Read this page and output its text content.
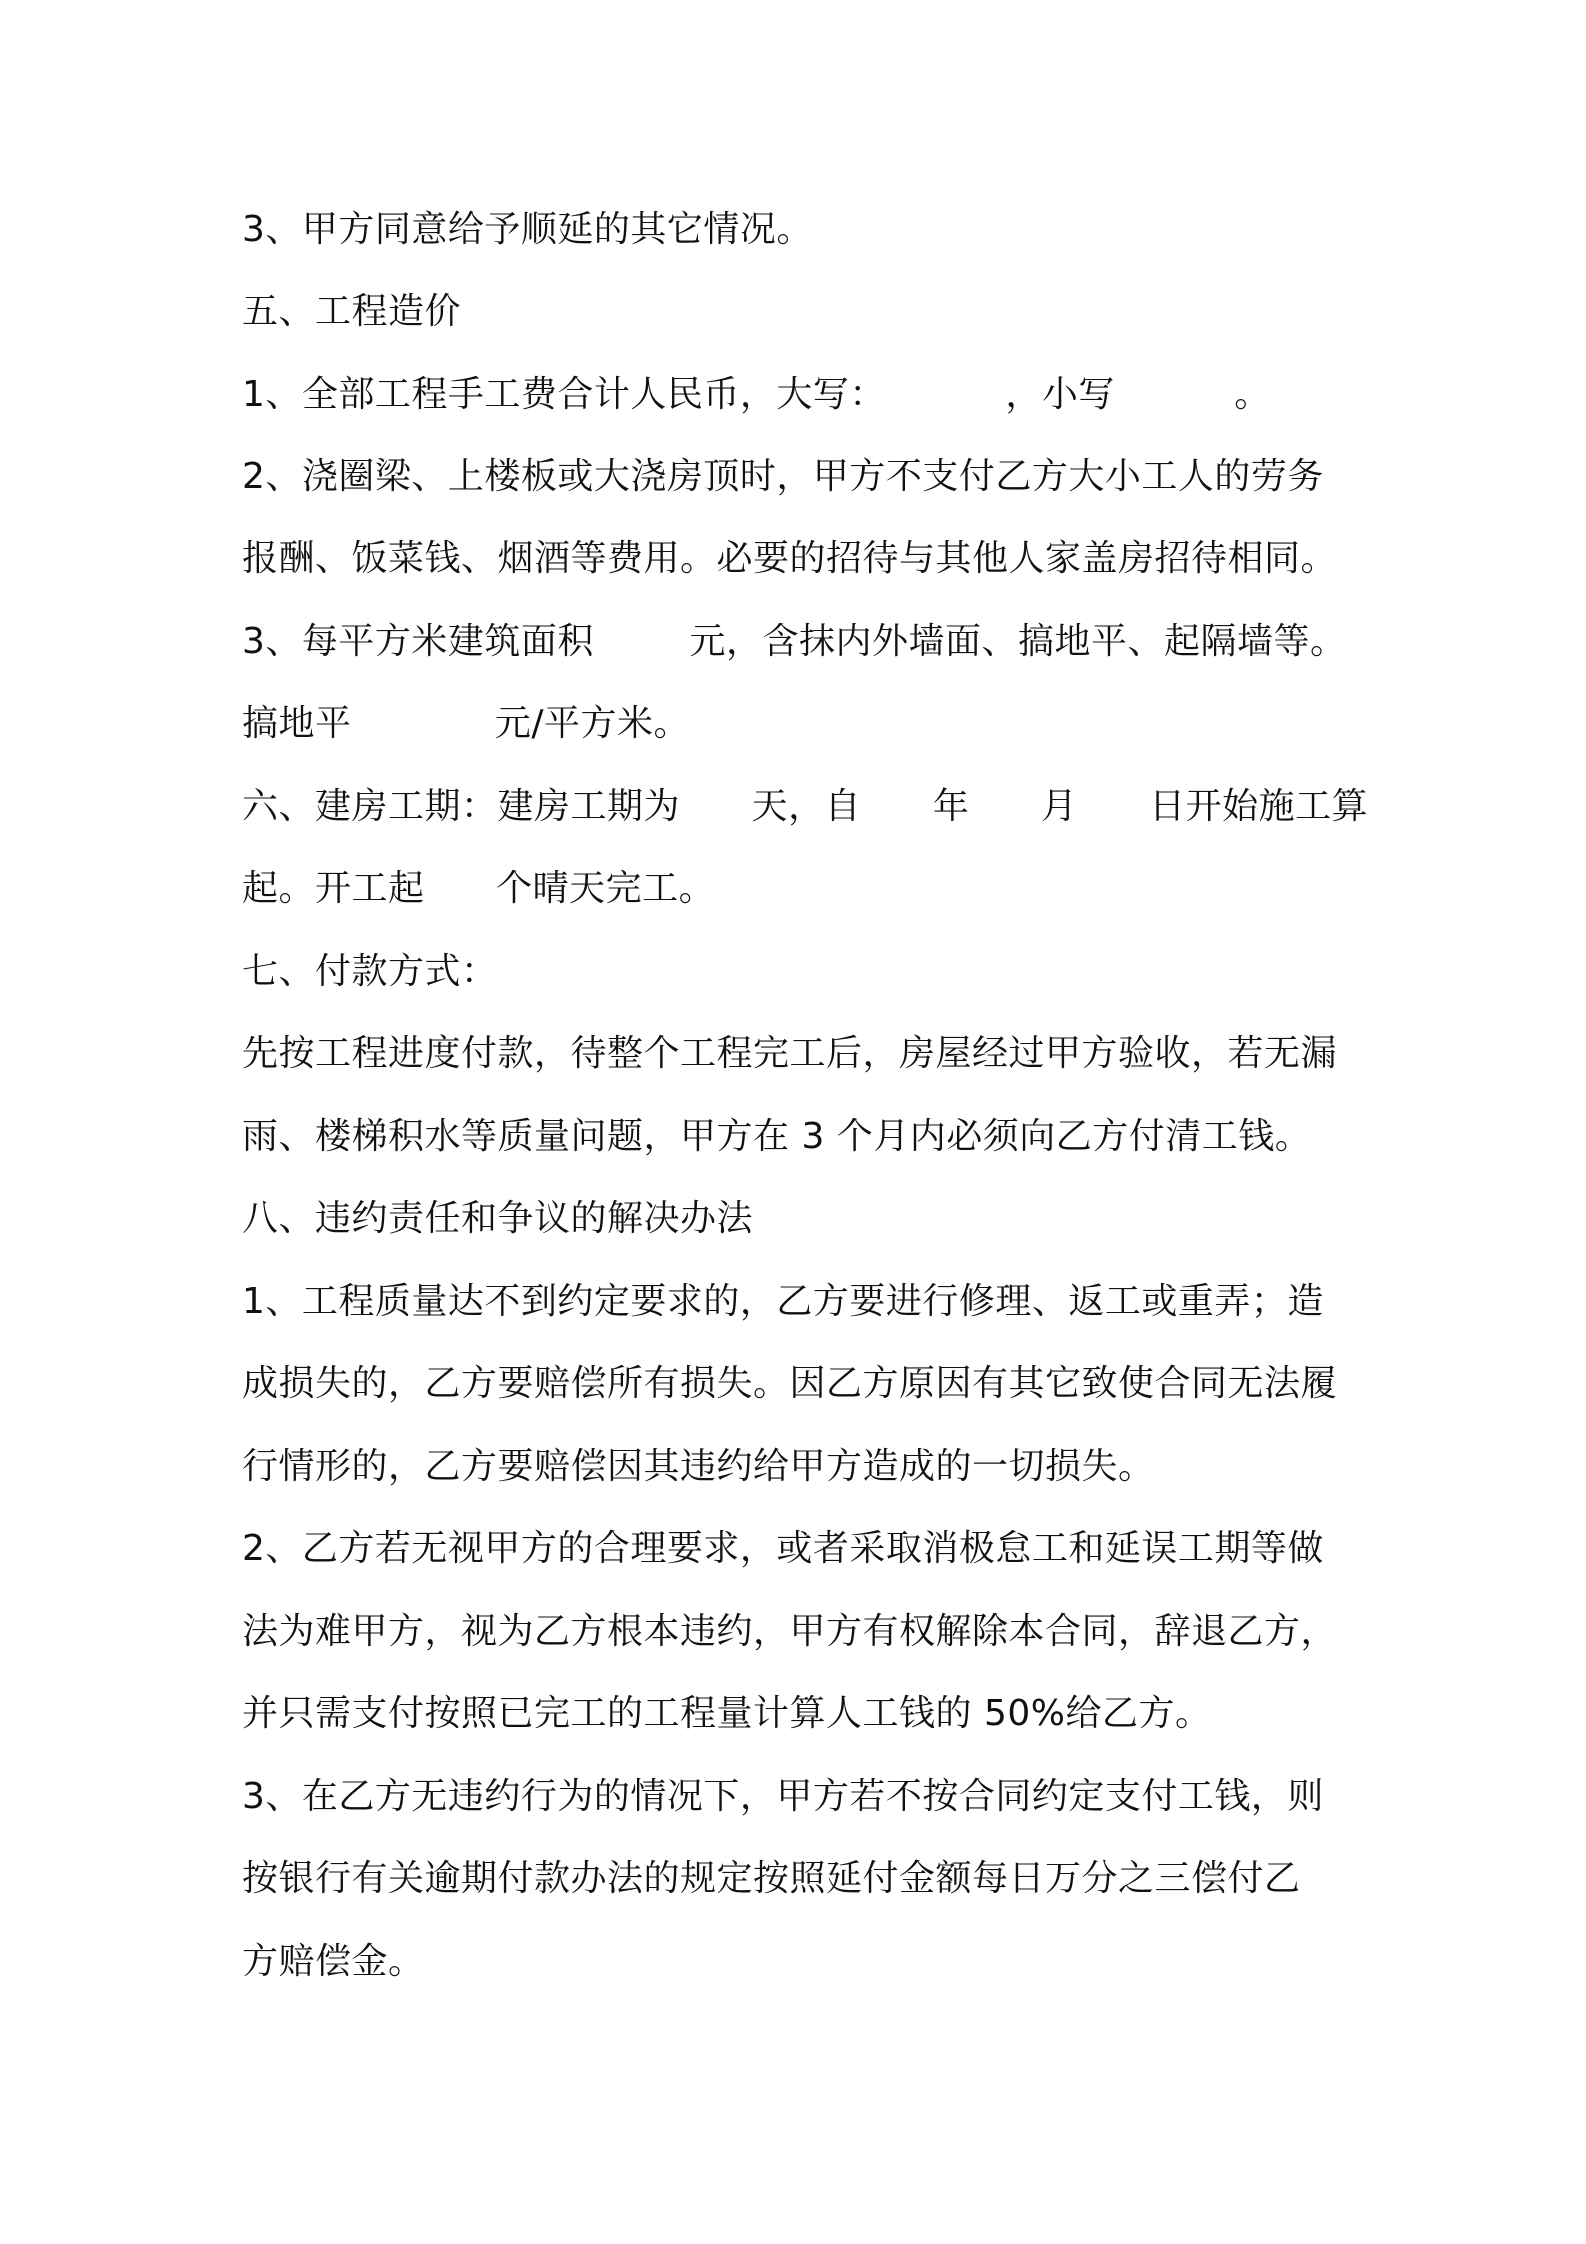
3、甲方同意给予顺延的其它情况。
五、工程造价
1、全部工程手工费合计人民币，大写：          ，小写          。
2、浇圈梁、上楼板或大浇房顶时，甲方不支付乙方大小工人的劳务
报酬、饭菜钱、烟酒等费用。必要的招待与其他人家盖房招待相同。
3、每平方米建筑面积        元，含抹内外墙面、搞地平、起隔墙等。
搞地平            元/平方米。
六、建房工期：建房工期为      天，自      年      月      日开始施工算
起。开工起      个晴天完工。
七、付款方式：
先按工程进度付款，待整个工程完工后，房屋经过甲方验收，若无漏
雨、楼梯积水等质量问题，甲方在 3 个月内必须向乙方付清工钱。
八、违约责任和争议的解决办法
1、工程质量达不到约定要求的，乙方要进行修理、返工或重弄；造
成损失的，乙方要赔偿所有损失。因乙方原因有其它致使合同无法履
行情形的，乙方要赔偿因其违约给甲方造成的一切损失。
2、乙方若无视甲方的合理要求，或者采取消极怠工和延误工期等做
法为难甲方，视为乙方根本违约，甲方有权解除本合同，辞退乙方，
并只需支付按照已完工的工程量计算人工钱的 50%给乙方。
3、在乙方无违约行为的情况下，甲方若不按合同约定支付工钱，则
按银行有关逾期付款办法的规定按照延付金额每日万分之三偿付乙
方赔偿金。
